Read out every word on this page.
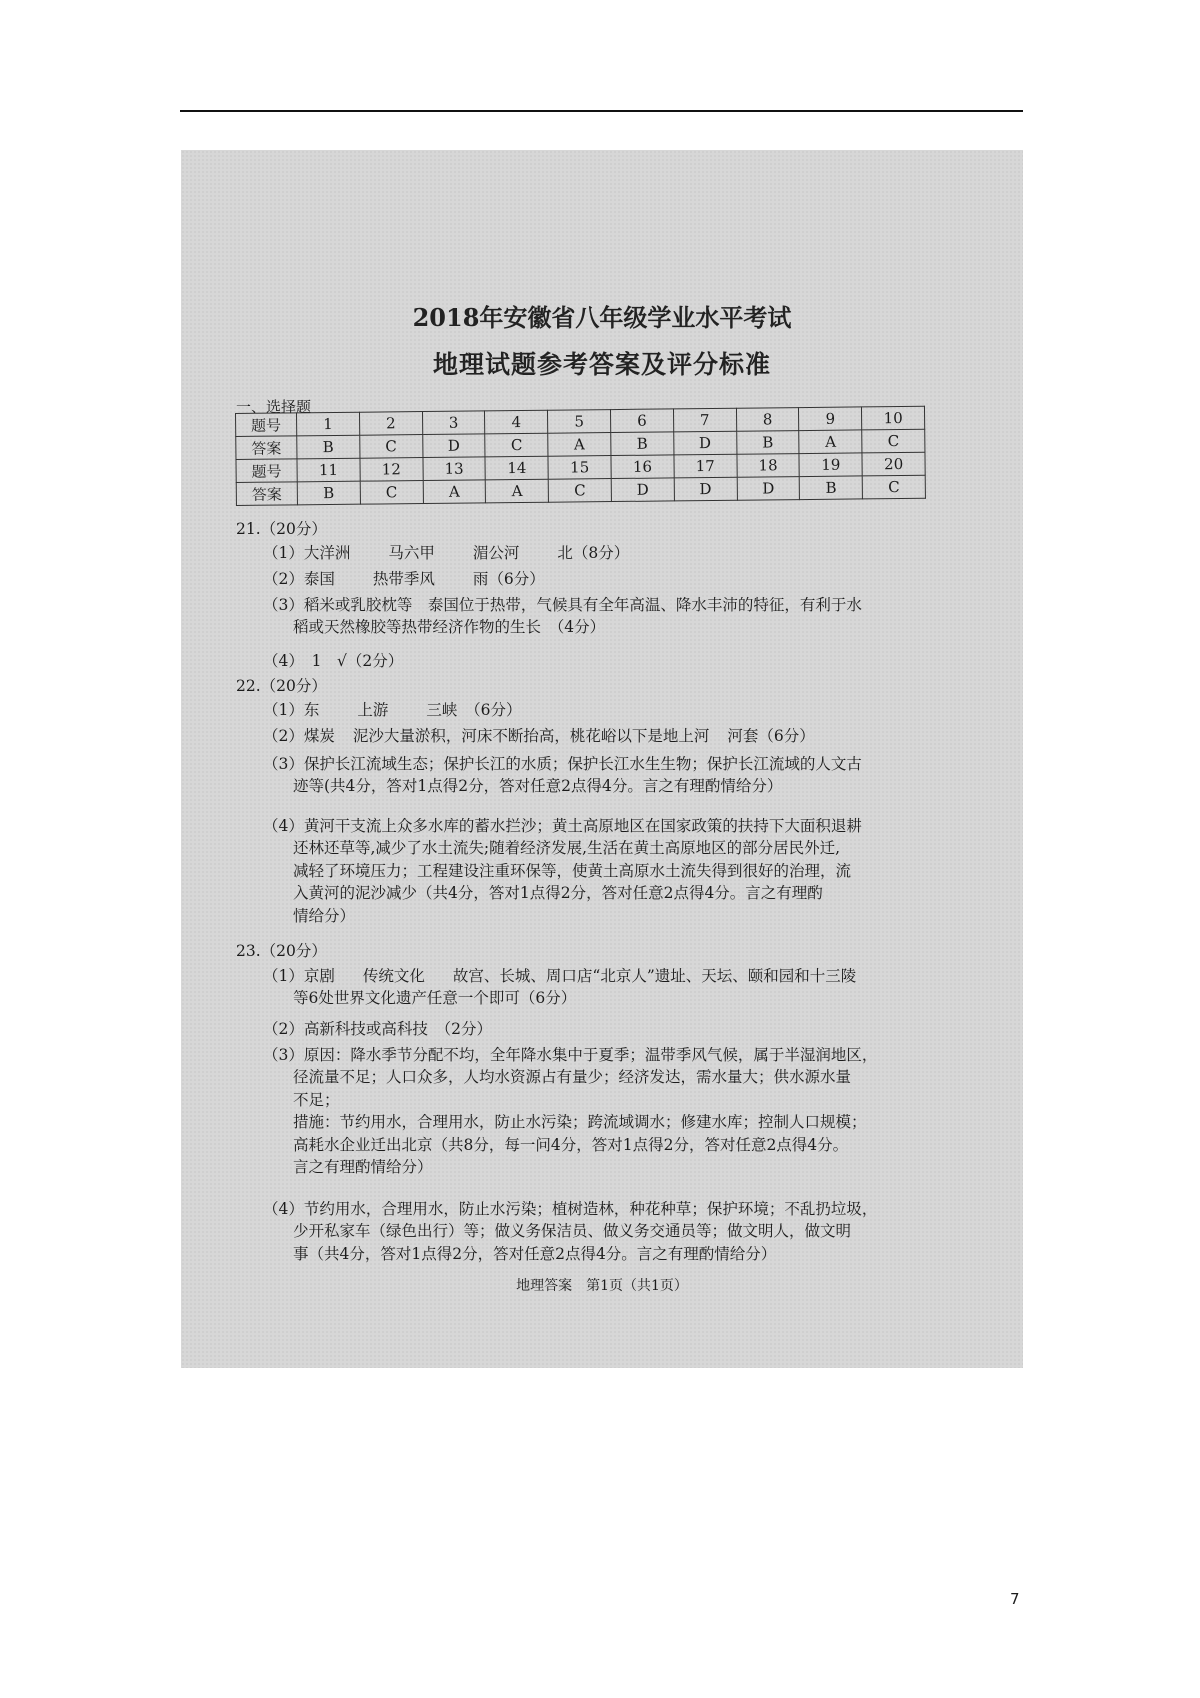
2018年安徽省八年级学业水平考试
地理试题参考答案及评分标准
一、选择题
题号	1	2	3	4	5	6	7	8	9	10
答案	B	C	D	C	A	B	D	B	A	C
题号	11	12	13	14	15	16	17	18	19	20
答案	B	C	A	A	C	D	D	D	B	C
21.（20分）
（1）大洋洲 马六甲 湄公河 北（8分）
（2）泰国 热带季风 雨（6分）
（3）稻米或乳胶枕等　泰国位于热带，气候具有全年高温、降水丰沛的特征，有利于水
稻或天然橡胶等热带经济作物的生长　（4分）
（4）　1　√（2分）
22.（20分）
（1）东 上游 三峡　（6分）
（2）煤炭 泥沙大量淤积，河床不断抬高，桃花峪以下是地上河 河套（6分）
（3）保护长江流域生态；保护长江的水质；保护长江水生生物；保护长江流域的人文古
迹等(共4分，答对1点得2分，答对任意2点得4分。言之有理酌情给分）
（4）黄河干支流上众多水库的蓄水拦沙；黄土高原地区在国家政策的扶持下大面积退耕
还林还草等,减少了水土流失;随着经济发展,生活在黄土高原地区的部分居民外迁,
减轻了环境压力；工程建设注重环保等，使黄土高原水土流失得到很好的治理，流
入黄河的泥沙减少（共4分，答对1点得2分，答对任意2点得4分。言之有理酌
情给分）
23.（20分）
（1）京剧 传统文化 故宫、长城、周口店“北京人”遗址、天坛、颐和园和十三陵
等6处世界文化遗产任意一个即可（6分）
（2）高新科技或高科技　（2分）
（3）原因：降水季节分配不均，全年降水集中于夏季；温带季风气候，属于半湿润地区，
径流量不足；人口众多，人均水资源占有量少；经济发达，需水量大；供水源水量
不足；
措施：节约用水，合理用水，防止水污染；跨流域调水；修建水库；控制人口规模；
高耗水企业迁出北京（共8分，每一问4分，答对1点得2分，答对任意2点得4分。
言之有理酌情给分）
（4）节约用水，合理用水，防止水污染；植树造林，种花种草；保护环境；不乱扔垃圾，
少开私家车（绿色出行）等；做义务保洁员、做义务交通员等；做文明人，做文明
事（共4分，答对1点得2分，答对任意2点得4分。言之有理酌情给分）
地理答案　第1页（共1页）
7
